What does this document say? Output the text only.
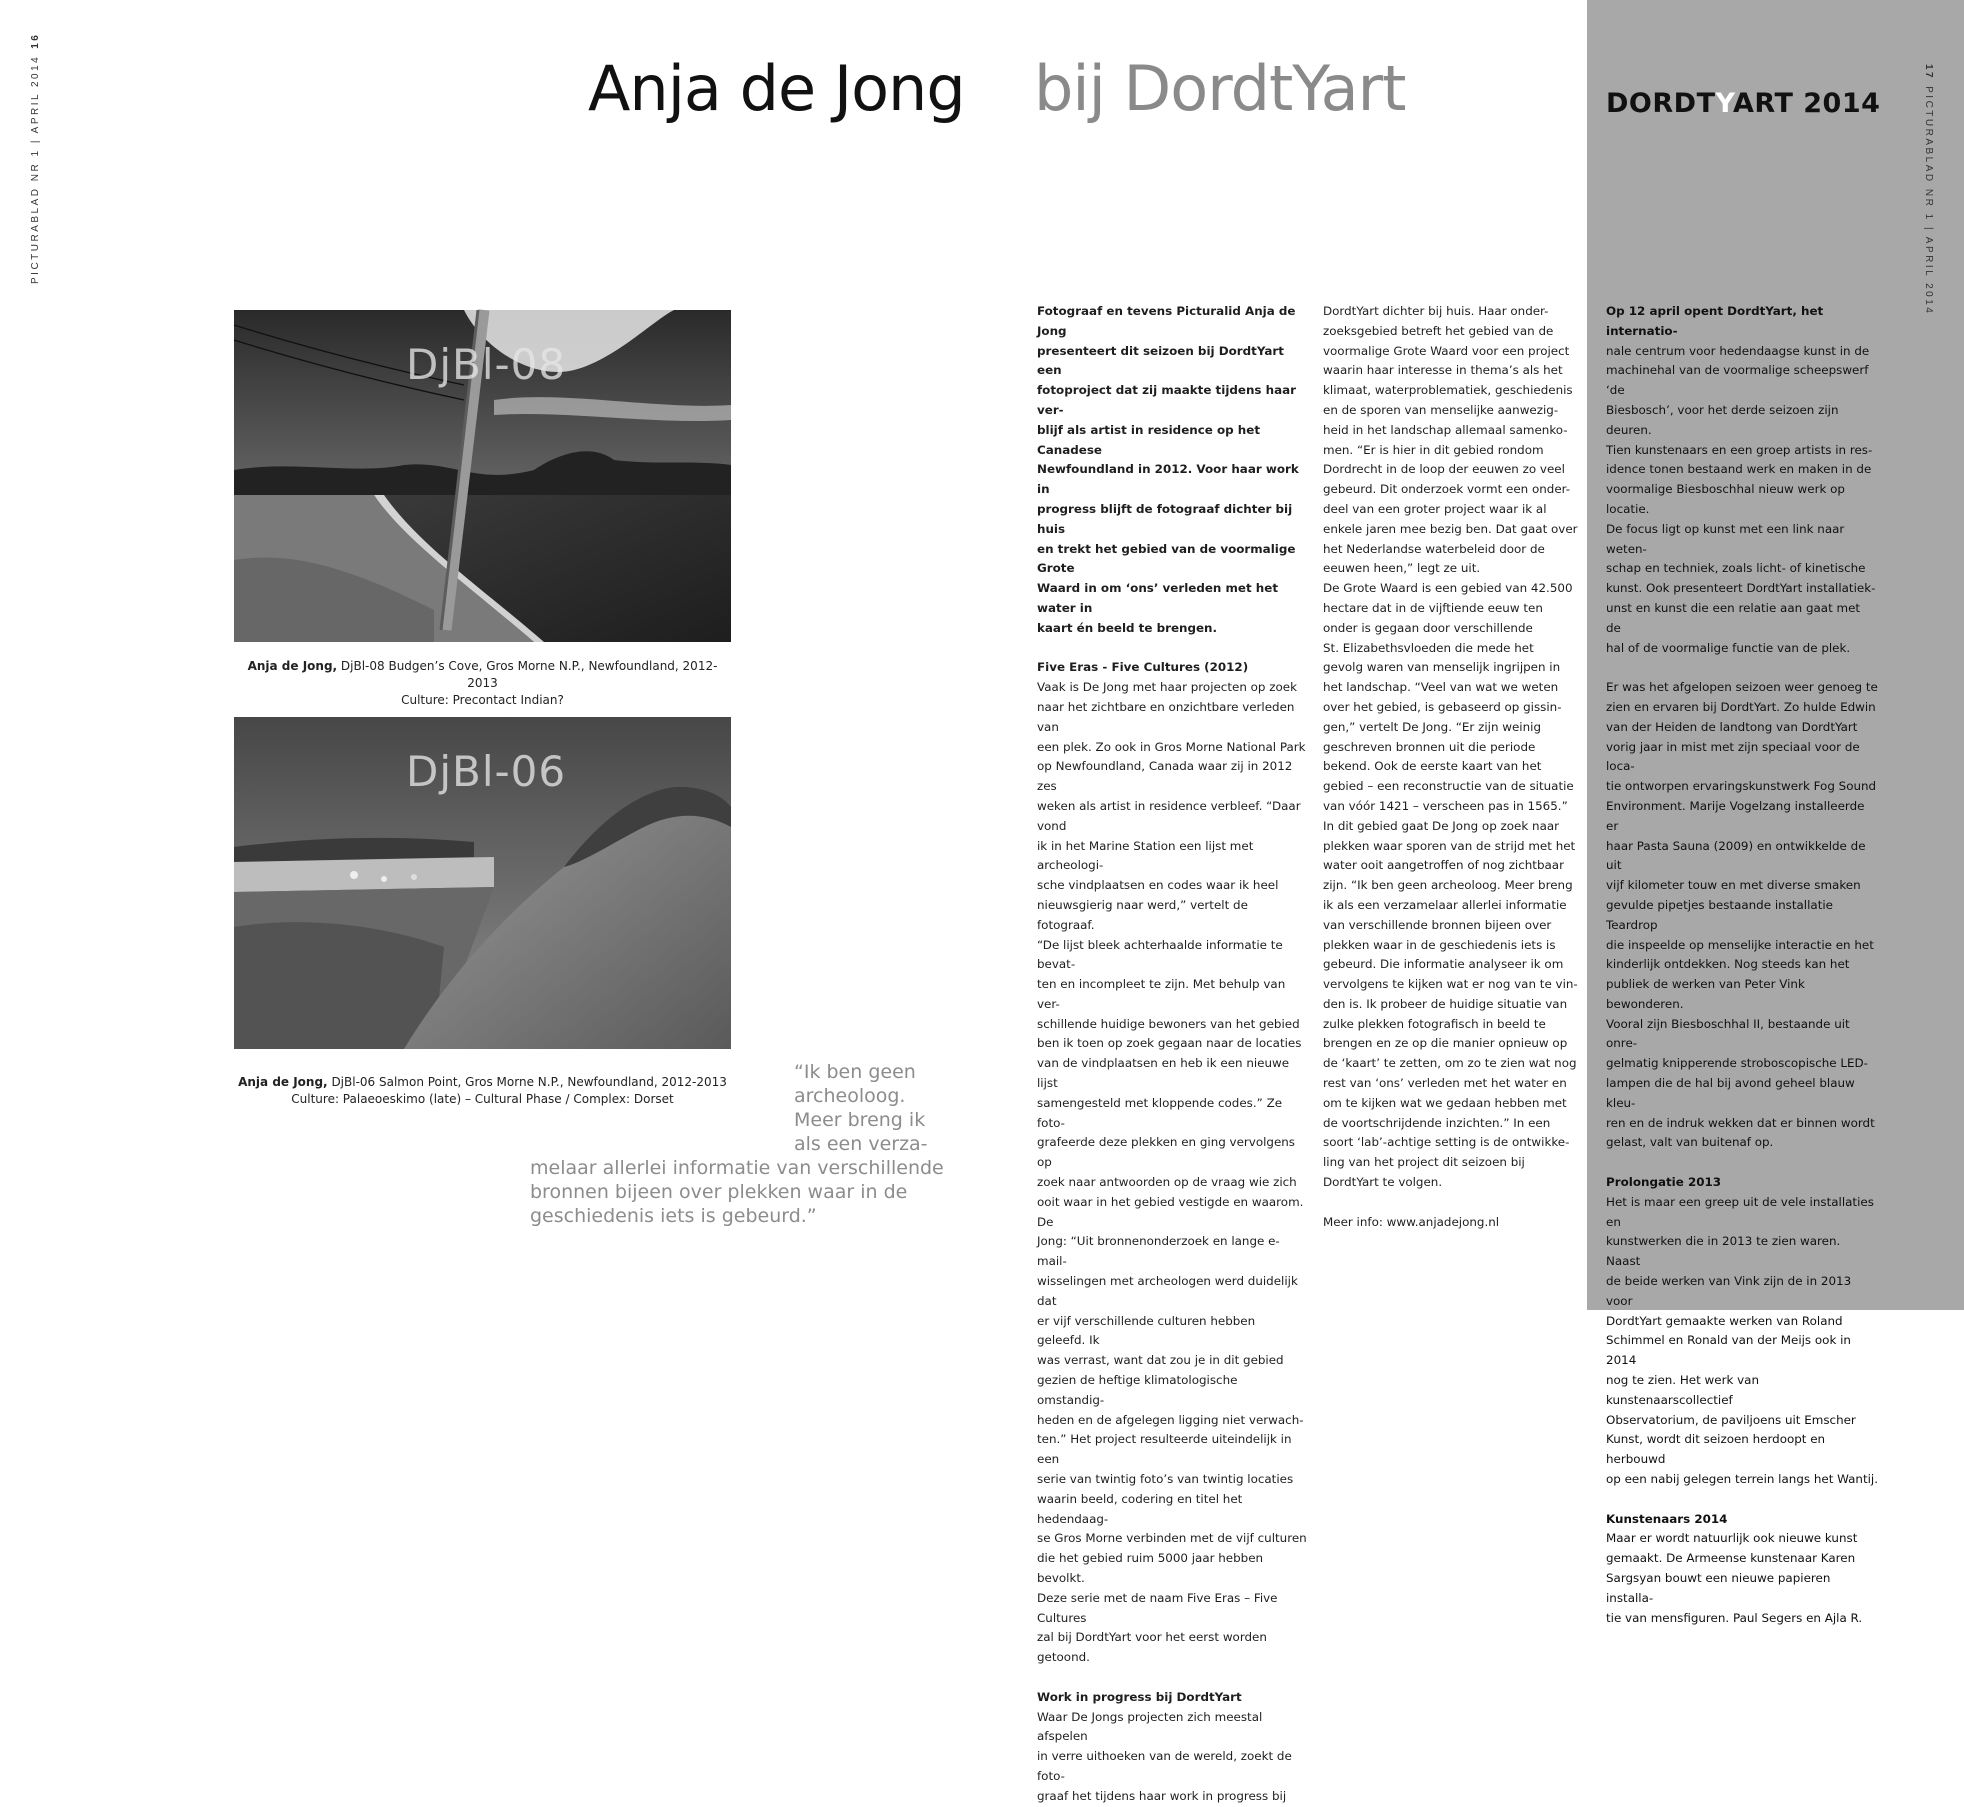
PICTURABLAD NR 1 | APRIL 201416
Anja de Jong bij DordtYart
DjBl-08
Anja de Jong, DjBl-08 Budgen’s Cove, Gros Morne N.P., Newfoundland, 2012-2013
Culture: Precontact Indian?
DjBl-06
Anja de Jong, DjBl-06 Salmon Point, Gros Morne N.P., Newfoundland, 2012-2013
Culture: Palaeoeskimo (late) – Cultural Phase / Complex: Dorset
“Ik ben geen
archeoloog.
Meer breng ik
als een verza-
melaar allerlei informatie van verschillende
bronnen bijeen over plekken waar in de
geschiedenis iets is gebeurd.”
Fotograaf en tevens Picturalid Anja de Jong
presenteert dit seizoen bij DordtYart een
fotoproject dat zij maakte tijdens haar ver-
blijf als artist in residence op het Canadese
Newfoundland in 2012. Voor haar work in
progress blijft de fotograaf dichter bij huis
en trekt het gebied van de voormalige Grote
Waard in om ‘ons’ verleden met het water in
kaart én beeld te brengen.
Five Eras - Five Cultures (2012)
Vaak is De Jong met haar projecten op zoek
naar het zichtbare en onzichtbare verleden van
een plek. Zo ook in Gros Morne National Park
op Newfoundland, Canada waar zij in 2012 zes
weken als artist in residence verbleef. “Daar vond
ik in het Marine Station een lijst met archeologi-
sche vindplaatsen en codes waar ik heel
nieuwsgierig naar werd,” vertelt de fotograaf.
“De lijst bleek achterhaalde informatie te bevat-
ten en incompleet te zijn. Met behulp van ver-
schillende huidige bewoners van het gebied
ben ik toen op zoek gegaan naar de locaties
van de vindplaatsen en heb ik een nieuwe lijst
samengesteld met kloppende codes.” Ze foto-
grafeerde deze plekken en ging vervolgens op
zoek naar antwoorden op de vraag wie zich
ooit waar in het gebied vestigde en waarom. De
Jong: “Uit bronnenonderzoek en lange e-mail-
wisselingen met archeologen werd duidelijk dat
er vijf verschillende culturen hebben geleefd. Ik
was verrast, want dat zou je in dit gebied
gezien de heftige klimatologische omstandig-
heden en de afgelegen ligging niet verwach-
ten.” Het project resulteerde uiteindelijk in een
serie van twintig foto’s van twintig locaties
waarin beeld, codering en titel het hedendaag-
se Gros Morne verbinden met de vijf culturen
die het gebied ruim 5000 jaar hebben bevolkt.
Deze serie met de naam Five Eras – Five Cultures
zal bij DordtYart voor het eerst worden
getoond.
Work in progress bij DordtYart
Waar De Jongs projecten zich meestal afspelen
in verre uithoeken van de wereld, zoekt de foto-
graaf het tijdens haar work in progress bij
DordtYart dichter bij huis. Haar onder-
zoeksgebied betreft het gebied van de
voormalige Grote Waard voor een project
waarin haar interesse in thema’s als het
klimaat, waterproblematiek, geschiedenis
en de sporen van menselijke aanwezig-
heid in het landschap allemaal samenko-
men. “Er is hier in dit gebied rondom
Dordrecht in de loop der eeuwen zo veel
gebeurd. Dit onderzoek vormt een onder-
deel van een groter project waar ik al
enkele jaren mee bezig ben. Dat gaat over
het Nederlandse waterbeleid door de
eeuwen heen,” legt ze uit.
De Grote Waard is een gebied van 42.500
hectare dat in de vijftiende eeuw ten
onder is gegaan door verschillende
St. Elizabethsvloeden die mede het
gevolg waren van menselijk ingrijpen in
het landschap. “Veel van wat we weten
over het gebied, is gebaseerd op gissin-
gen,” vertelt De Jong. “Er zijn weinig
geschreven bronnen uit die periode
bekend. Ook de eerste kaart van het
gebied – een reconstructie van de situatie
van vóór 1421 – verscheen pas in 1565.”
In dit gebied gaat De Jong op zoek naar
plekken waar sporen van de strijd met het
water ooit aangetroffen of nog zichtbaar
zijn. “Ik ben geen archeoloog. Meer breng
ik als een verzamelaar allerlei informatie
van verschillende bronnen bijeen over
plekken waar in de geschiedenis iets is
gebeurd. Die informatie analyseer ik om
vervolgens te kijken wat er nog van te vin-
den is. Ik probeer de huidige situatie van
zulke plekken fotografisch in beeld te
brengen en ze op die manier opnieuw op
de ‘kaart’ te zetten, om zo te zien wat nog
rest van ‘ons’ verleden met het water en
om te kijken wat we gedaan hebben met
de voortschrijdende inzichten.” In een
soort ‘lab’-achtige setting is de ontwikke-
ling van het project dit seizoen bij
DordtYart te volgen.
Meer info: www.anjadejong.nl
17PICTURABLAD NR 1 | APRIL 2014
DORDTYART 2014
Op 12 april opent DordtYart, het internatio-
nale centrum voor hedendaagse kunst in de
machinehal van de voormalige scheepswerf ‘de
Biesbosch’, voor het derde seizoen zijn deuren.
Tien kunstenaars en een groep artists in res-
idence tonen bestaand werk en maken in de
voormalige Biesboschhal nieuw werk op locatie.
De focus ligt op kunst met een link naar weten-
schap en techniek, zoals licht- of kinetische
kunst. Ook presenteert DordtYart installatiek-
unst en kunst die een relatie aan gaat met de
hal of de voormalige functie van de plek.
Er was het afgelopen seizoen weer genoeg te
zien en ervaren bij DordtYart. Zo hulde Edwin
van der Heiden de landtong van DordtYart
vorig jaar in mist met zijn speciaal voor de loca-
tie ontworpen ervaringskunstwerk Fog Sound
Environment. Marije Vogelzang installeerde er
haar Pasta Sauna (2009) en ontwikkelde de uit
vijf kilometer touw en met diverse smaken
gevulde pipetjes bestaande installatie Teardrop
die inspeelde op menselijke interactie en het
kinderlijk ontdekken. Nog steeds kan het
publiek de werken van Peter Vink bewonderen.
Vooral zijn Biesboschhal II, bestaande uit onre-
gelmatig knipperende stroboscopische LED-
lampen die de hal bij avond geheel blauw kleu-
ren en de indruk wekken dat er binnen wordt
gelast, valt van buitenaf op.
Prolongatie 2013
Het is maar een greep uit de vele installaties en
kunstwerken die in 2013 te zien waren. Naast
de beide werken van Vink zijn de in 2013 voor
DordtYart gemaakte werken van Roland
Schimmel en Ronald van der Meijs ook in 2014
nog te zien. Het werk van kunstenaarscollectief
Observatorium, de paviljoens uit Emscher
Kunst, wordt dit seizoen herdoopt en herbouwd
op een nabij gelegen terrein langs het Wantij.
Kunstenaars 2014
Maar er wordt natuurlijk ook nieuwe kunst
gemaakt. De Armeense kunstenaar Karen
Sargsyan bouwt een nieuwe papieren installa-
tie van mensfiguren. Paul Segers en Ajla R.
